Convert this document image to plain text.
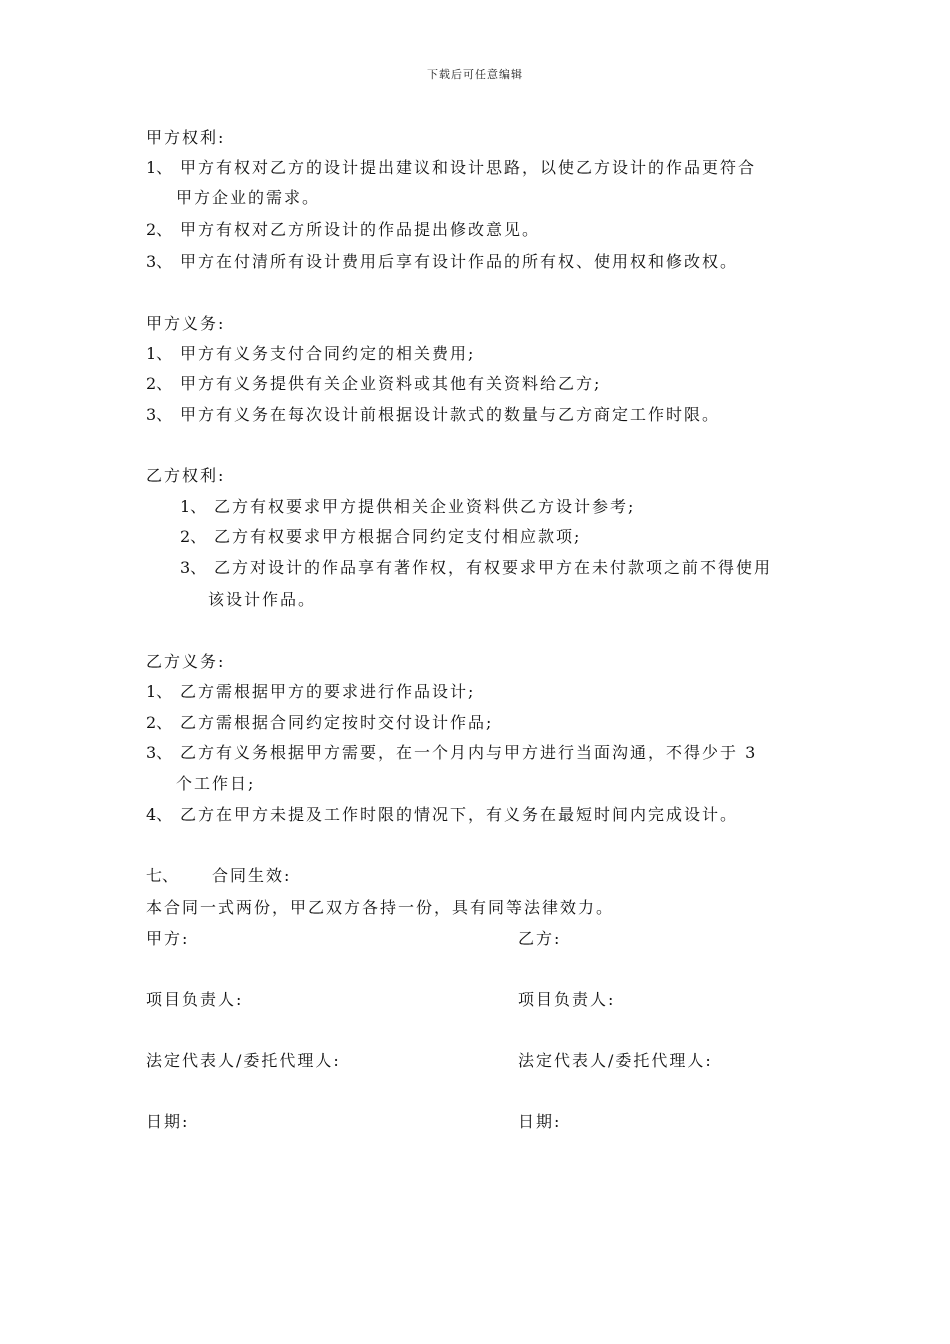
下载后可任意编辑
甲方权利:
1、 甲方有权对乙方的设计提出建议和设计思路，以使乙方设计的作品更符合
甲方企业的需求。
2、 甲方有权对乙方所设计的作品提出修改意见。
3、 甲方在付清所有设计费用后享有设计作品的所有权、使用权和修改权。
甲方义务:
1、 甲方有义务支付合同约定的相关费用;
2、 甲方有义务提供有关企业资料或其他有关资料给乙方;
3、 甲方有义务在每次设计前根据设计款式的数量与乙方商定工作时限。
乙方权利:
1、 乙方有权要求甲方提供相关企业资料供乙方设计参考;
2、 乙方有权要求甲方根据合同约定支付相应款项;
3、 乙方对设计的作品享有著作权，有权要求甲方在未付款项之前不得使用
该设计作品。
乙方义务:
1、 乙方需根据甲方的要求进行作品设计;
2、 乙方需根据合同约定按时交付设计作品;
3、 乙方有义务根据甲方需要，在一个月内与甲方进行当面沟通，不得少于 3
个工作日;
4、 乙方在甲方未提及工作时限的情况下，有义务在最短时间内完成设计。
七、 合同生效:
本合同一式两份，甲乙双方各持一份，具有同等法律效力。
甲方:	乙方:
项目负责人:	项目负责人:
法定代表人/委托代理人:	法定代表人/委托代理人:
日期:	日期:
